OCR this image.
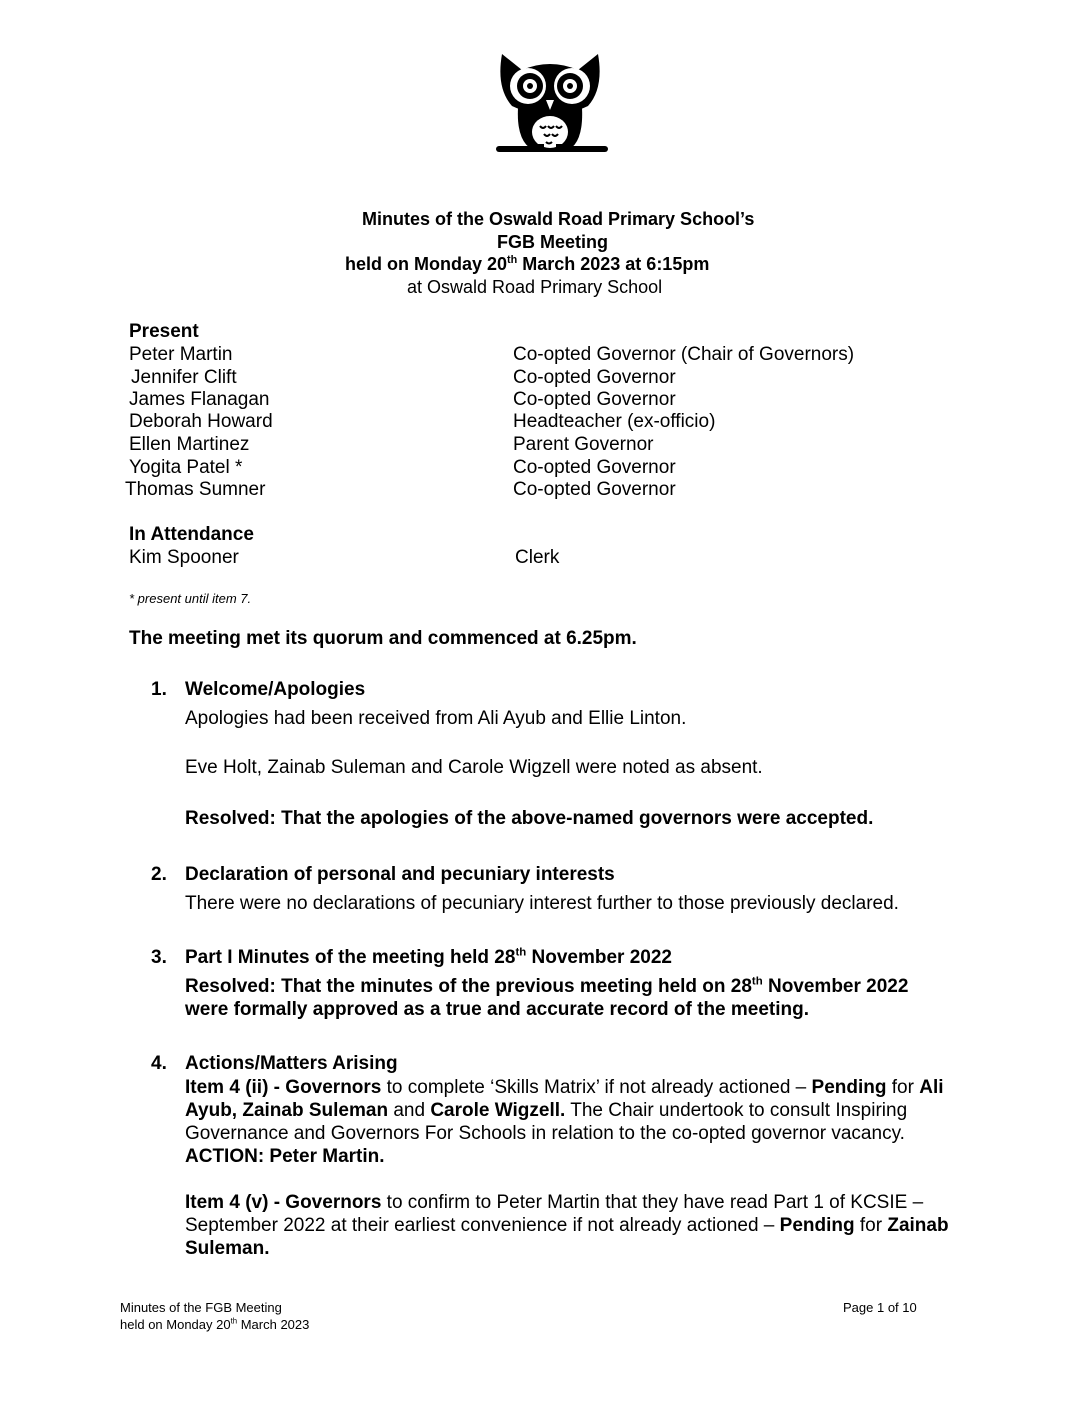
Minutes of the Oswald Road Primary School’s
FGB Meeting
held on Monday 20th March 2023 at 6:15pm
at Oswald Road Primary School
Present
Peter Martin	Co-opted Governor (Chair of Governors)
Jennifer Clift	Co-opted Governor
James Flanagan	Co-opted Governor
Deborah Howard	Headteacher (ex-officio)
Ellen Martinez	Parent Governor
Yogita Patel *	Co-opted Governor
Thomas Sumner	Co-opted Governor
In Attendance
Kim Spooner	Clerk
* present until item 7.
The meeting met its quorum and commenced at 6.25pm.
1. Welcome/Apologies
Apologies had been received from Ali Ayub and Ellie Linton.
Eve Holt, Zainab Suleman and Carole Wigzell were noted as absent.
Resolved: That the apologies of the above-named governors were accepted.
2. Declaration of personal and pecuniary interests
There were no declarations of pecuniary interest further to those previously declared.
3. Part I Minutes of the meeting held 28th November 2022
Resolved: That the minutes of the previous meeting held on 28th November 2022
were formally approved as a true and accurate record of the meeting.
4. Actions/Matters Arising
Item 4 (ii) - Governors to complete ‘Skills Matrix’ if not already actioned – Pending for Ali Ayub, Zainab Suleman and Carole Wigzell. The Chair undertook to consult Inspiring Governance and Governors For Schools in relation to the co-opted governor vacancy.
ACTION: Peter Martin.
Item 4 (v) - Governors to confirm to Peter Martin that they have read Part 1 of KCSIE – September 2022 at their earliest convenience if not already actioned – Pending for Zainab Suleman.
Minutes of the FGB Meeting
held on Monday 20th March 2023
Page 1 of 10
